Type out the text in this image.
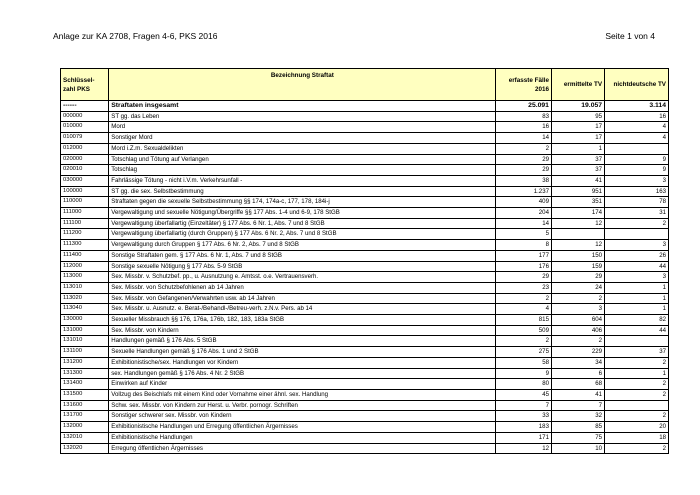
Anlage zur KA 2708, Fragen 4-6, PKS 2016	Seite 1 von 4
Schlüssel-zahl PKS	Bezeichnung Straftat	erfasste Fälle 2016	ermittelte TV	nichtdeutsche TV
------	Straftaten insgesamt	25.091	19.057	3.114
000000	ST gg. das Leben	83	95	16
010000	Mord	16	17	4
010079	Sonstiger Mord	14	17	4
012000	Mord i.Z.m. Sexualdelikten	2	1	
020000	Totschlag und Tötung auf Verlangen	29	37	9
020010	Totschlag	29	37	9
030000	Fahrlässige Tötung - nicht i.V.m. Verkehrsunfall -	38	41	3
100000	ST gg. die sex. Selbstbestimmung	1.237	951	163
110000	Straftaten gegen die sexuelle Selbstbestimmung §§ 174, 174a-c, 177, 178, 184i-j	409	351	78
111000	Vergewaltigung und sexuelle Nötigung/Übergriffe §§ 177 Abs. 1-4 und 6-9, 178 StGB	204	174	31
111100	Vergewaltigung überfallartig (Einzeltäter) § 177 Abs. 6 Nr. 1, Abs. 7 und 8 StGB	14	12	2
111200	Vergewaltigung überfallartig (durch Gruppen) § 177 Abs. 6 Nr. 2, Abs. 7 und 8 StGB	5		
111300	Vergewaltigung durch Gruppen § 177 Abs. 6 Nr. 2, Abs. 7 und 8 StGB	8	12	3
111400	Sonstige Straftaten gem. § 177 Abs. 6 Nr. 1, Abs. 7 und 8 StGB	177	150	26
112000	Sonstige sexuelle Nötigung § 177 Abs. 5-9 StGB	176	159	44
113000	Sex. Missbr. v. Schutzbef. pp., u. Ausnutzung e. Amtsst. o.e. Vertrauensverh.	29	29	3
113010	Sex. Missbr. von Schutzbefohlenen ab 14 Jahren	23	24	1
113020	Sex. Missbr. von Gefangenen/Verwahrten usw. ab 14 Jahren	2	2	1
113040	Sex. Missbr. u. Ausnutz. e. Berat-/Behandl-/Betreu-verh. z.N.v. Pers. ab 14	4	3	1
130000	Sexueller Missbrauch §§ 176, 176a, 176b, 182, 183, 183a StGB	815	604	82
131000	Sex. Missbr. von Kindern	509	406	44
131010	Handlungen gemäß § 176 Abs. 5 StGB	2	2	
131100	Sexuelle Handlungen gemäß § 176 Abs. 1 und 2 StGB	275	229	37
131200	Exhibitionistische/sex. Handlungen vor Kindern	58	34	2
131300	sex. Handlungen gemäß § 176 Abs. 4 Nr. 2 StGB	9	6	1
131400	Einwirken auf Kinder	80	68	2
131500	Vollzug des Beischlafs mit einem Kind oder Vornahme einer ähnl. sex. Handlung	45	41	2
131600	Schw. sex. Missbr. von Kindern zur Herst. u. Verbr. pornogr. Schriften	7	7	
131700	Sonstiger schwerer sex. Missbr. von Kindern	33	32	2
132000	Exhibitionistische Handlungen und Erregung öffentlichen Ärgernisses	183	85	20
132010	Exhibitionistische Handlungen	171	75	18
132020	Erregung öffentlichen Ärgernisses	12	10	2
